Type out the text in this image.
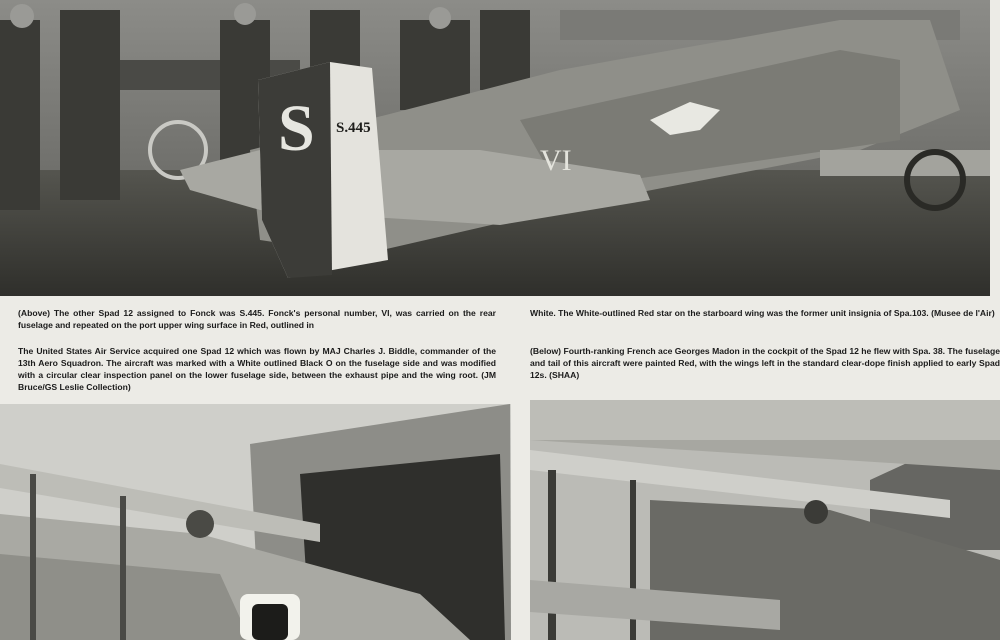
S S.445
VI

(Above) The other Spad 12 assigned to Fonck was S.445. Fonck's personal number, VI, was carried on the rear fuselage and repeated on the port upper wing surface in Red, outlined in

The United States Air Service acquired one Spad 12 which was flown by MAJ Charles J. Biddle, commander of the 13th Aero Squadron. The aircraft was marked with a White outlined Black O on the fuselage side and was modified with a circular clear inspection panel on the lower fuselage side, between the exhaust pipe and the wing root. (JM Bruce/GS Leslie Collection)

White. The White-outlined Red star on the starboard wing was the former unit insignia of Spa.103. (Musee de l'Air)

(Below) Fourth-ranking French ace Georges Madon in the cockpit of the Spad 12 he flew with Spa. 38. The fuselage and tail of this aircraft were painted Red, with the wings left in the standard clear-dope finish applied to early Spad 12s. (SHAA)
